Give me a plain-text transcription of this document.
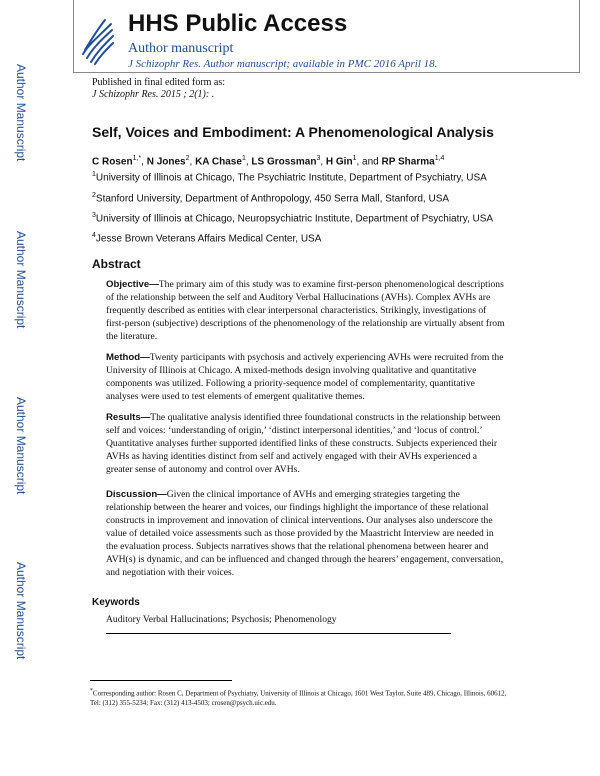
HHS Public Access
Author manuscript
J Schizophr Res. Author manuscript; available in PMC 2016 April 18.
Author Manuscript
Author Manuscript
Author Manuscript
Author Manuscript
Published in final edited form as:
J Schizophr Res. 2015 ; 2(1): .
Self, Voices and Embodiment: A Phenomenological Analysis
C Rosen$^{1,*}$, N Jones$^2$, KA Chase$^1$, LS Grossman$^3$, H Gin$^1$, and RP Sharma$^{1,4}$
$^1$University of Illinois at Chicago, The Psychiatric Institute, Department of Psychiatry, USA
$^2$Stanford University, Department of Anthropology, 450 Serra Mall, Stanford, USA
$^3$University of Illinois at Chicago, Neuropsychiatric Institute, Department of Psychiatry, USA
$^4$Jesse Brown Veterans Affairs Medical Center, USA
Abstract
Objective—The primary aim of this study was to examine first-person phenomenological descriptions of the relationship between the self and Auditory Verbal Hallucinations (AVHs). Complex AVHs are frequently described as entities with clear interpersonal characteristics. Strikingly, investigations of first-person (subjective) descriptions of the phenomenology of the relationship are virtually absent from the literature.
Method—Twenty participants with psychosis and actively experiencing AVHs were recruited from the University of Illinois at Chicago. A mixed-methods design involving qualitative and quantitative components was utilized. Following a priority-sequence model of complementarity, quantitative analyses were used to test elements of emergent qualitative themes.
Results—The qualitative analysis identified three foundational constructs in the relationship between self and voices: ‘understanding of origin,’ ‘distinct interpersonal identities,’ and ‘locus of control.’ Quantitative analyses further supported identified links of these constructs. Subjects experienced their AVHs as having identities distinct from self and actively engaged with their AVHs experienced a greater sense of autonomy and control over AVHs.
Discussion—Given the clinical importance of AVHs and emerging strategies targeting the relationship between the hearer and voices, our findings highlight the importance of these relational constructs in improvement and innovation of clinical interventions. Our analyses also underscore the value of detailed voice assessments such as those provided by the Maastricht Interview are needed in the evaluation process. Subjects narratives shows that the relational phenomena between hearer and AVH(s) is dynamic, and can be influenced and changed through the hearers’ engagement, conversation, and negotiation with their voices.
Keywords
Auditory Verbal Hallucinations; Psychosis; Phenomenology
*Corresponding author: Rosen C, Department of Psychiatry, University of Illinois at Chicago, 1601 West Taylor, Suite 489, Chicago, Illinois, 60612, Tel: (312) 355-5234; Fax: (312) 413-4503; crosen@psych.uic.edu.
